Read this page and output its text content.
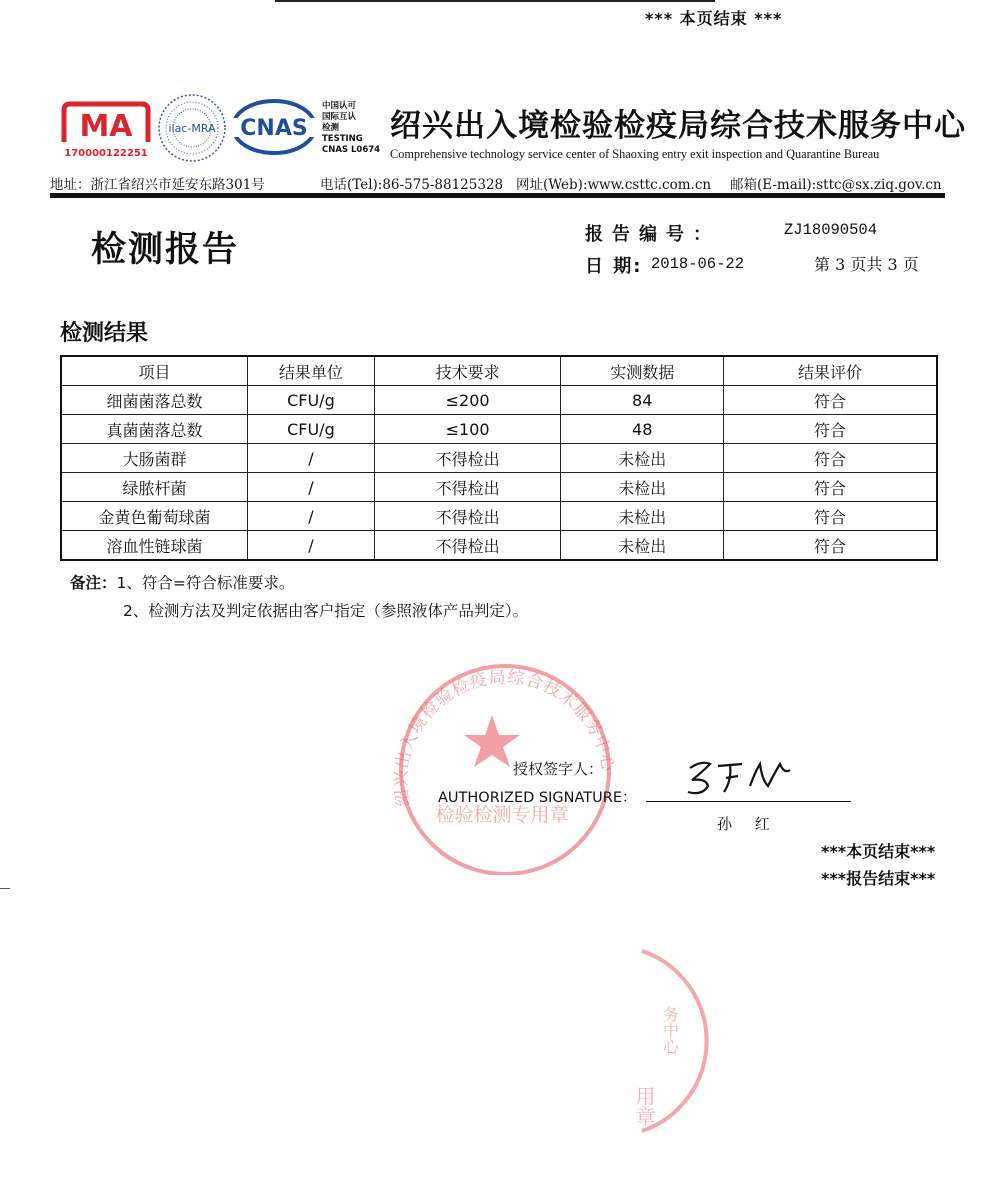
*** 本页结束 ***
MA
170000122251
ilac-MRA CNAS
中国认可
国际互认
检测
TESTING
CNAS L0674
绍兴出入境检验检疫局综合技术服务中心
Comprehensive technology service center of Shaoxing entry exit inspection and Quarantine Bureau
地址：浙江省绍兴市延安东路301号	电话(Tel):86-575-88125328 网址(Web):www.csttc.com.cn 邮箱(E-mail):sttc@sx.ziq.gov.cn
检测报告	报告编号：	ZJ18090504
日 期: 2018-06-22	第 3 页共 3 页
检测结果
项目	结果单位	技术要求	实测数据	结果评价
细菌菌落总数	CFU/g	≤200	84	符合
真菌菌落总数	CFU/g	≤100	48	符合
大肠菌群	/	不得检出	未检出	符合
绿脓杆菌	/	不得检出	未检出	符合
金黄色葡萄球菌	/	不得检出	未检出	符合
溶血性链球菌	/	不得检出	未检出	符合
备注：1、符合=符合标准要求。
2、检测方法及判定依据由客户指定（参照液体产品判定）。
绍兴出入境检验检疫局综合技术服务中心
检验检测专用章
务中心
用章
授权签字人：
AUTHORIZED SIGNATURE：
孙 红
***本页结束***
***报告结束***
